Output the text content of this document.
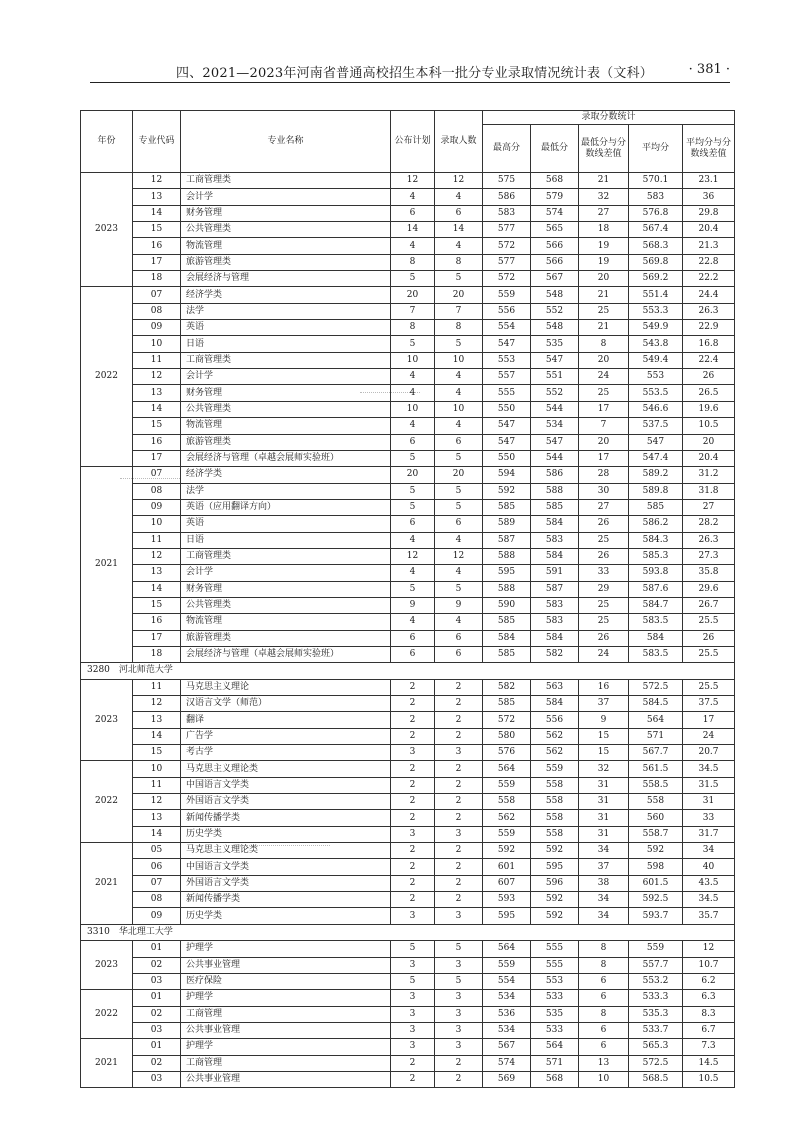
四、2021—2023年河南省普通高校招生本科一批分专业录取情况统计表（文科）	· 381 ·
年份	专业代码	专业名称	公布计划	录取人数	录取分数统计				
					最高分	最低分	最低分与分数线差值	平均分	平均分与分数线差值
2023	12	工商管理类	12	12	575	568	21	570.1	23.1
	13	会计学	4	4	586	579	32	583	36
	14	财务管理	6	6	583	574	27	576.8	29.8
	15	公共管理类	14	14	577	565	18	567.4	20.4
	16	物流管理	4	4	572	566	19	568.3	21.3
	17	旅游管理类	8	8	577	566	19	569.8	22.8
	18	会展经济与管理	5	5	572	567	20	569.2	22.2
2022	07	经济学类	20	20	559	548	21	551.4	24.4
	08	法学	7	7	556	552	25	553.3	26.3
	09	英语	8	8	554	548	21	549.9	22.9
	10	日语	5	5	547	535	8	543.8	16.8
	11	工商管理类	10	10	553	547	20	549.4	22.4
	12	会计学	4	4	557	551	24	553	26
	13	财务管理	4	4	555	552	25	553.5	26.5
	14	公共管理类	10	10	550	544	17	546.6	19.6
	15	物流管理	4	4	547	534	7	537.5	10.5
	16	旅游管理类	6	6	547	547	20	547	20
	17	会展经济与管理（卓越会展师实验班）	5	5	550	544	17	547.4	20.4
2021	07	经济学类	20	20	594	586	28	589.2	31.2
	08	法学	5	5	592	588	30	589.8	31.8
	09	英语（应用翻译方向）	5	5	585	585	27	585	27
	10	英语	6	6	589	584	26	586.2	28.2
	11	日语	4	4	587	583	25	584.3	26.3
	12	工商管理类	12	12	588	584	26	585.3	27.3
	13	会计学	4	4	595	591	33	593.8	35.8
	14	财务管理	5	5	588	587	29	587.6	29.6
	15	公共管理类	9	9	590	583	25	584.7	26.7
	16	物流管理	4	4	585	583	25	583.5	25.5
	17	旅游管理类	6	6	584	584	26	584	26
	18	会展经济与管理（卓越会展师实验班）	6	6	585	582	24	583.5	25.5
3280　河北师范大学									
2023	11	马克思主义理论	2	2	582	563	16	572.5	25.5
	12	汉语言文学（师范）	2	2	585	584	37	584.5	37.5
	13	翻译	2	2	572	556	9	564	17
	14	广告学	2	2	580	562	15	571	24
	15	考古学	3	3	576	562	15	567.7	20.7
2022	10	马克思主义理论类	2	2	564	559	32	561.5	34.5
	11	中国语言文学类	2	2	559	558	31	558.5	31.5
	12	外国语言文学类	2	2	558	558	31	558	31
	13	新闻传播学类	2	2	562	558	31	560	33
	14	历史学类	3	3	559	558	31	558.7	31.7
2021	05	马克思主义理论类	2	2	592	592	34	592	34
	06	中国语言文学类	2	2	601	595	37	598	40
	07	外国语言文学类	2	2	607	596	38	601.5	43.5
	08	新闻传播学类	2	2	593	592	34	592.5	34.5
	09	历史学类	3	3	595	592	34	593.7	35.7
3310　华北理工大学									
2023	01	护理学	5	5	564	555	8	559	12
	02	公共事业管理	3	3	559	555	8	557.7	10.7
	03	医疗保险	5	5	554	553	6	553.2	6.2
2022	01	护理学	3	3	534	533	6	533.3	6.3
	02	工商管理	3	3	536	535	8	535.3	8.3
	03	公共事业管理	3	3	534	533	6	533.7	6.7
2021	01	护理学	3	3	567	564	6	565.3	7.3
	02	工商管理	2	2	574	571	13	572.5	14.5
	03	公共事业管理	2	2	569	568	10	568.5	10.5
